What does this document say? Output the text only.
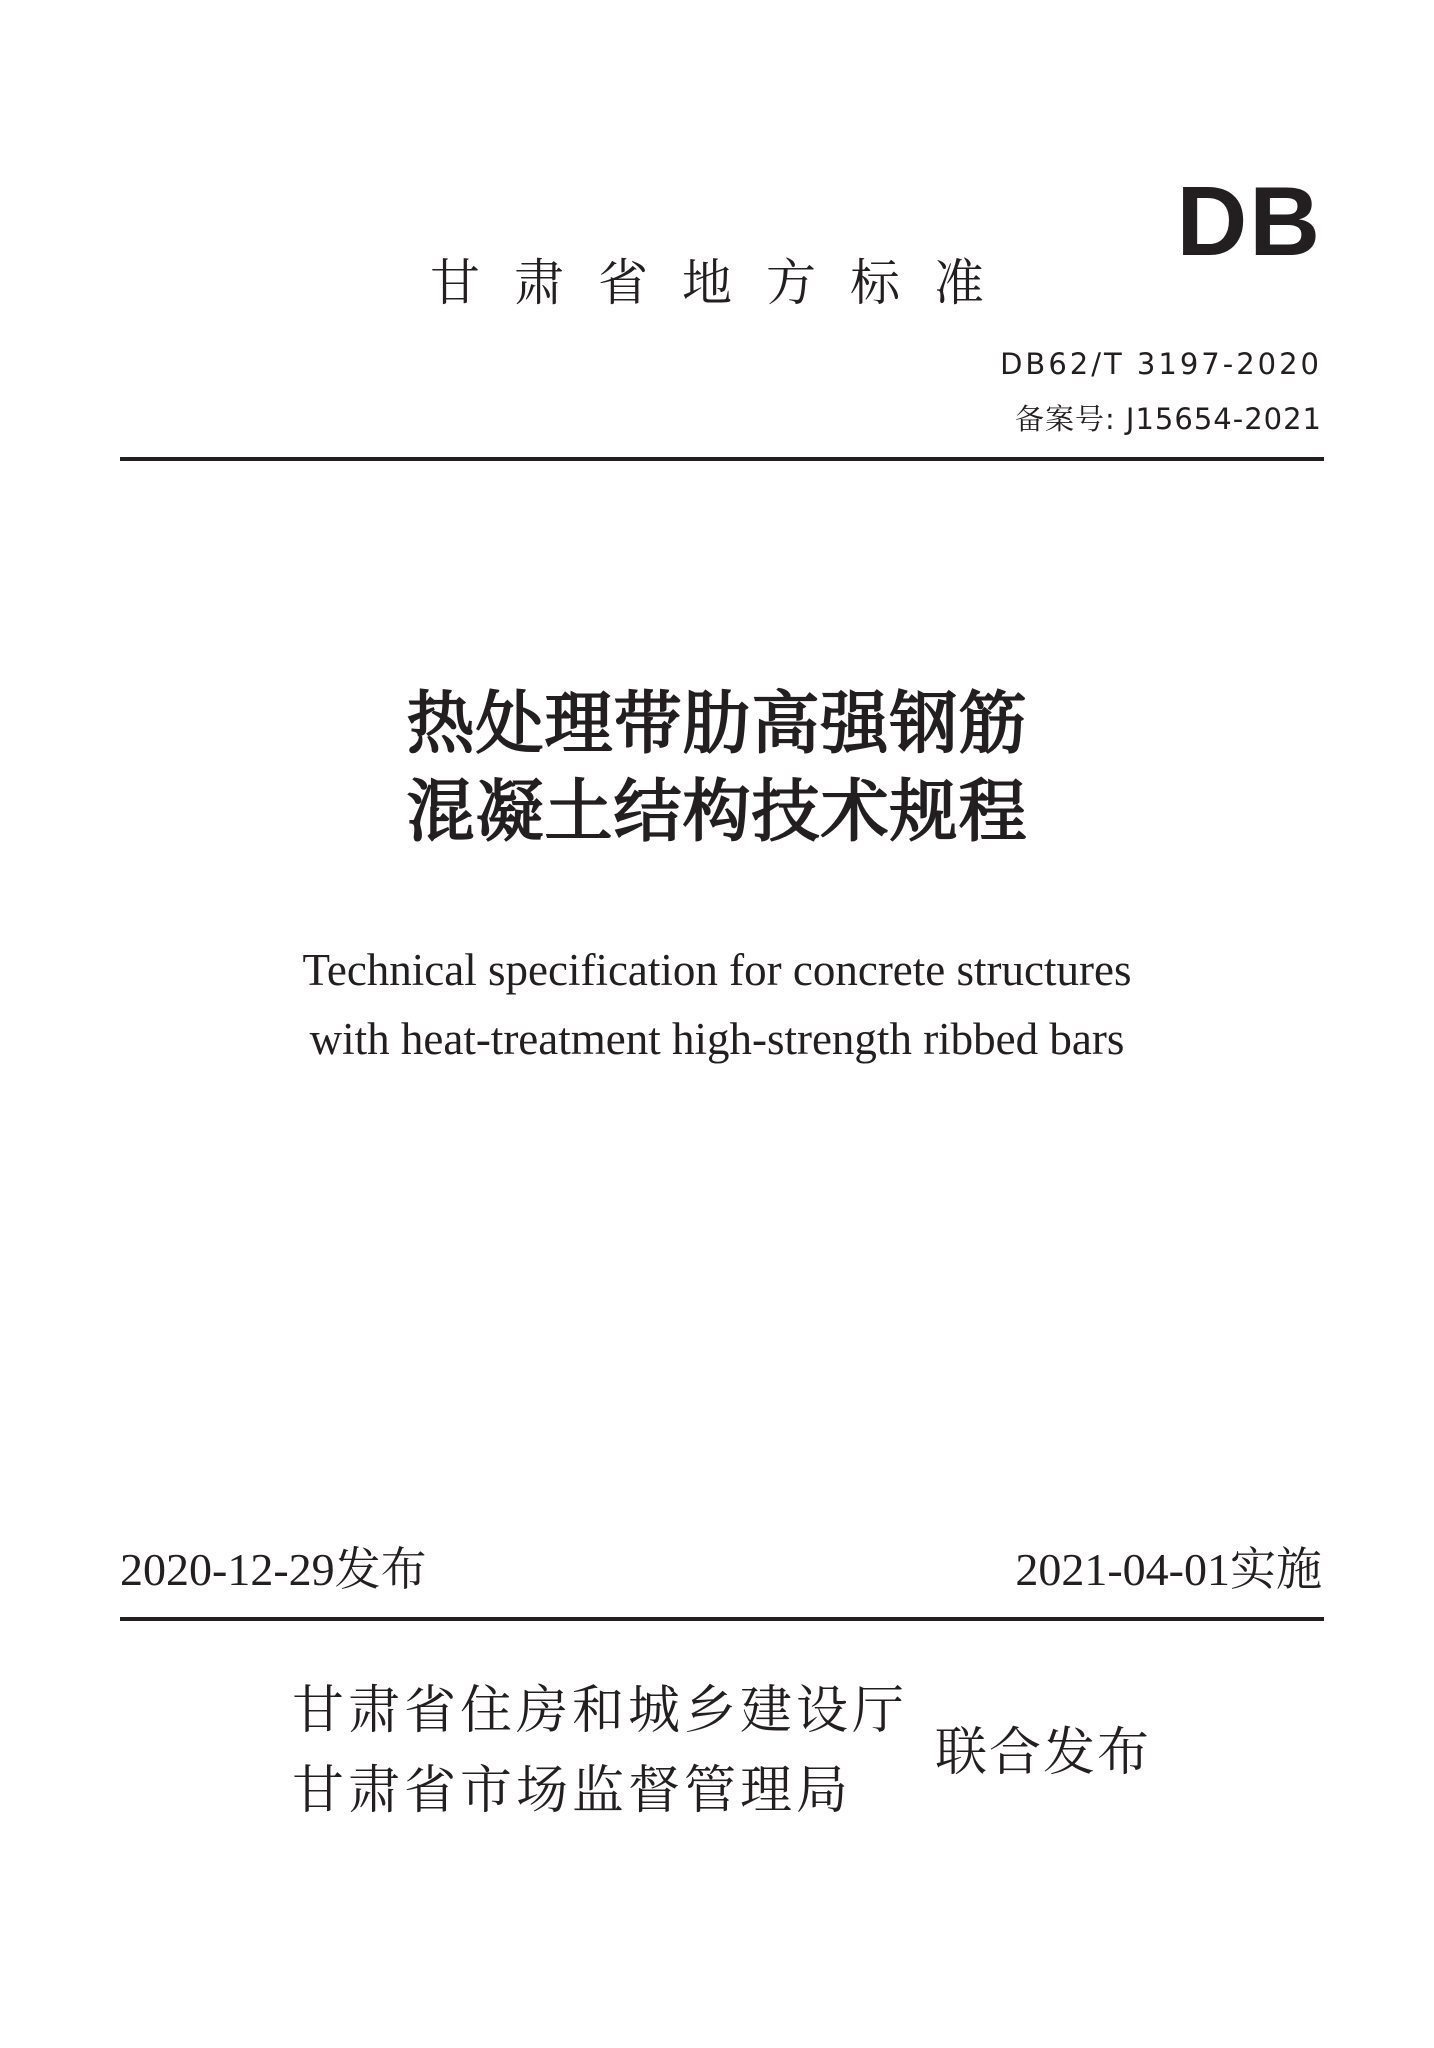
DB

甘肃省地方标准

DB62/T 3197-2020

备案号: J15654-2021

热处理带肋高强钢筋

混凝土结构技术规程

Technical specification for concrete structures

with heat-treatment high-strength ribbed bars

2020-12-29发布	2021-04-01实施

甘肃省住房和城乡建设厅

甘肃省市场监督管理局

联合发布
